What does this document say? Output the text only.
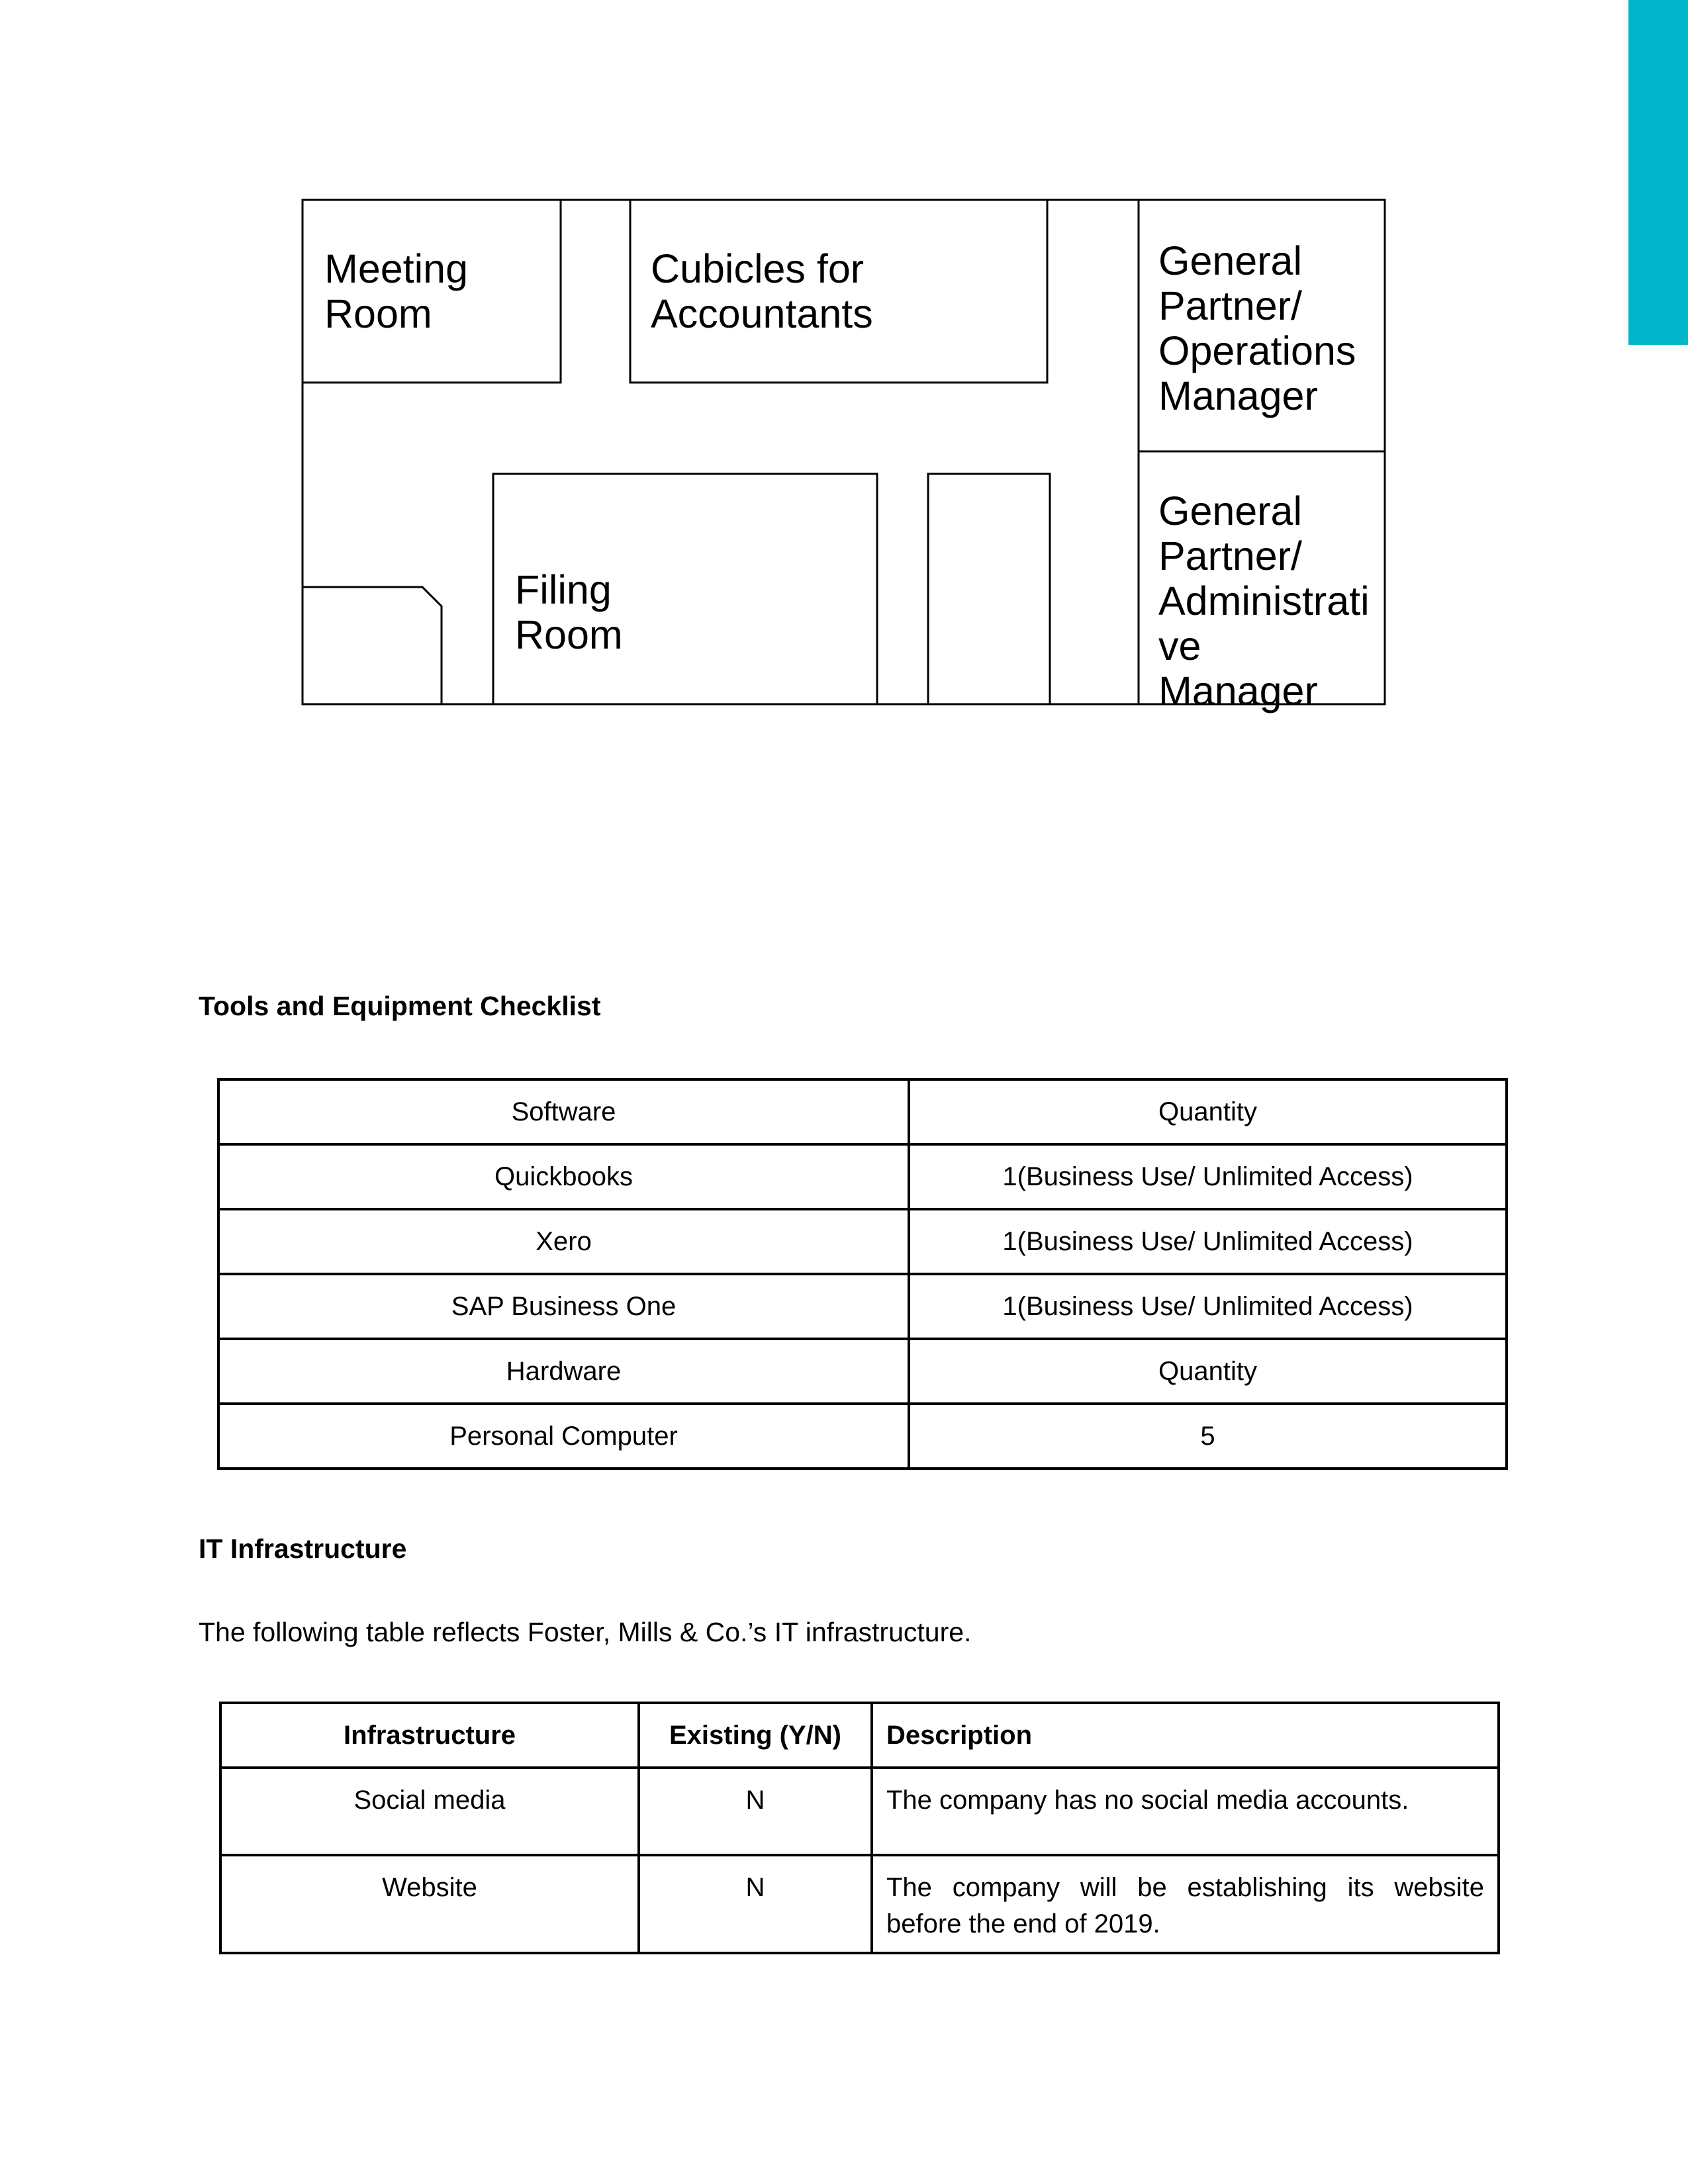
Meeting
Room
Cubicles for
Accountants
General
Partner/
Operations
Manager
General
Partner/
Administrati
ve Manager
Filing Room
Tools and Equipment Checklist
Software	Quantity
Quickbooks	1(Business Use/ Unlimited Access)
Xero	1(Business Use/ Unlimited Access)
SAP Business One	1(Business Use/ Unlimited Access)
Hardware	Quantity
Personal Computer	5
IT Infrastructure

The following table reflects Foster, Mills & Co.’s IT infrastructure.

Infrastructure	Existing (Y/N)	Description
Social media	N	The company has no social media accounts.
Website	N	The company will be establishing its website before the end of 2019.
